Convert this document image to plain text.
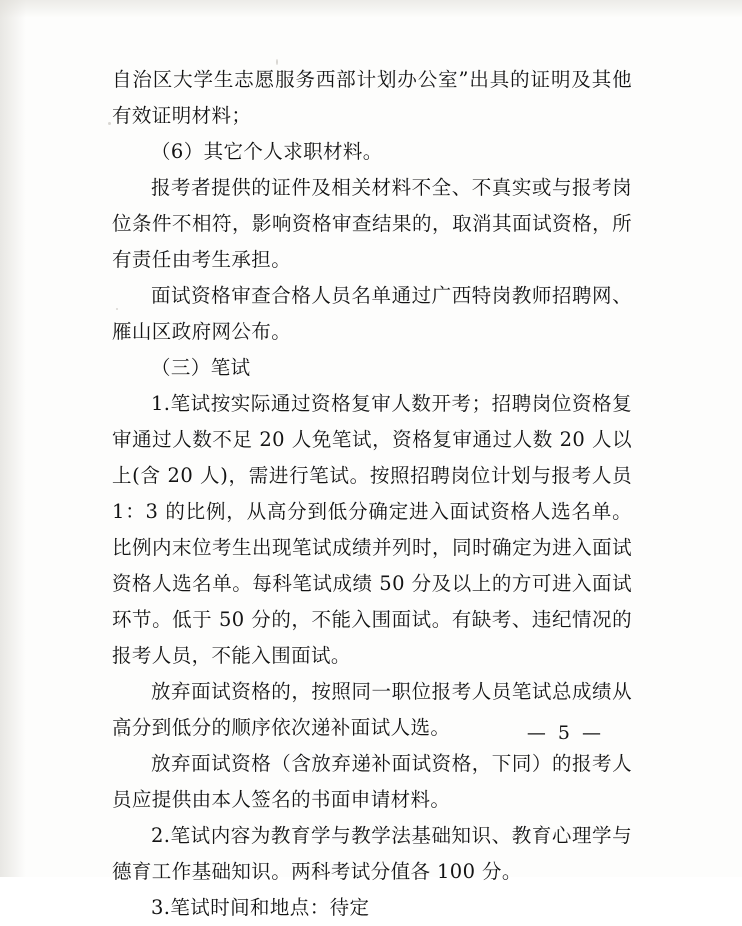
自治区大学生志愿服务西部计划办公室”出具的证明及其他有效证明材料；

（6）其它个人求职材料。

报考者提供的证件及相关材料不全、不真实或与报考岗位条件不相符，影响资格审查结果的，取消其面试资格，所有责任由考生承担。

面试资格审查合格人员名单通过广西特岗教师招聘网、雁山区政府网公布。

（三）笔试

1.笔试按实际通过资格复审人数开考；招聘岗位资格复审通过人数不足 20 人免笔试，资格复审通过人数 20 人以上(含 20 人)，需进行笔试。按照招聘岗位计划与报考人员 1：3 的比例，从高分到低分确定进入面试资格人选名单。比例内末位考生出现笔试成绩并列时，同时确定为进入面试资格人选名单。每科笔试成绩 50 分及以上的方可进入面试环节。低于 50 分的，不能入围面试。有缺考、违纪情况的报考人员，不能入围面试。

放弃面试资格的，按照同一职位报考人员笔试总成绩从高分到低分的顺序依次递补面试人选。

放弃面试资格（含放弃递补面试资格，下同）的报考人员应提供由本人签名的书面申请材料。

2.笔试内容为教育学与教学法基础知识、教育心理学与德育工作基础知识。两科考试分值各 100 分。

3.笔试时间和地点：待定

— 5 —
